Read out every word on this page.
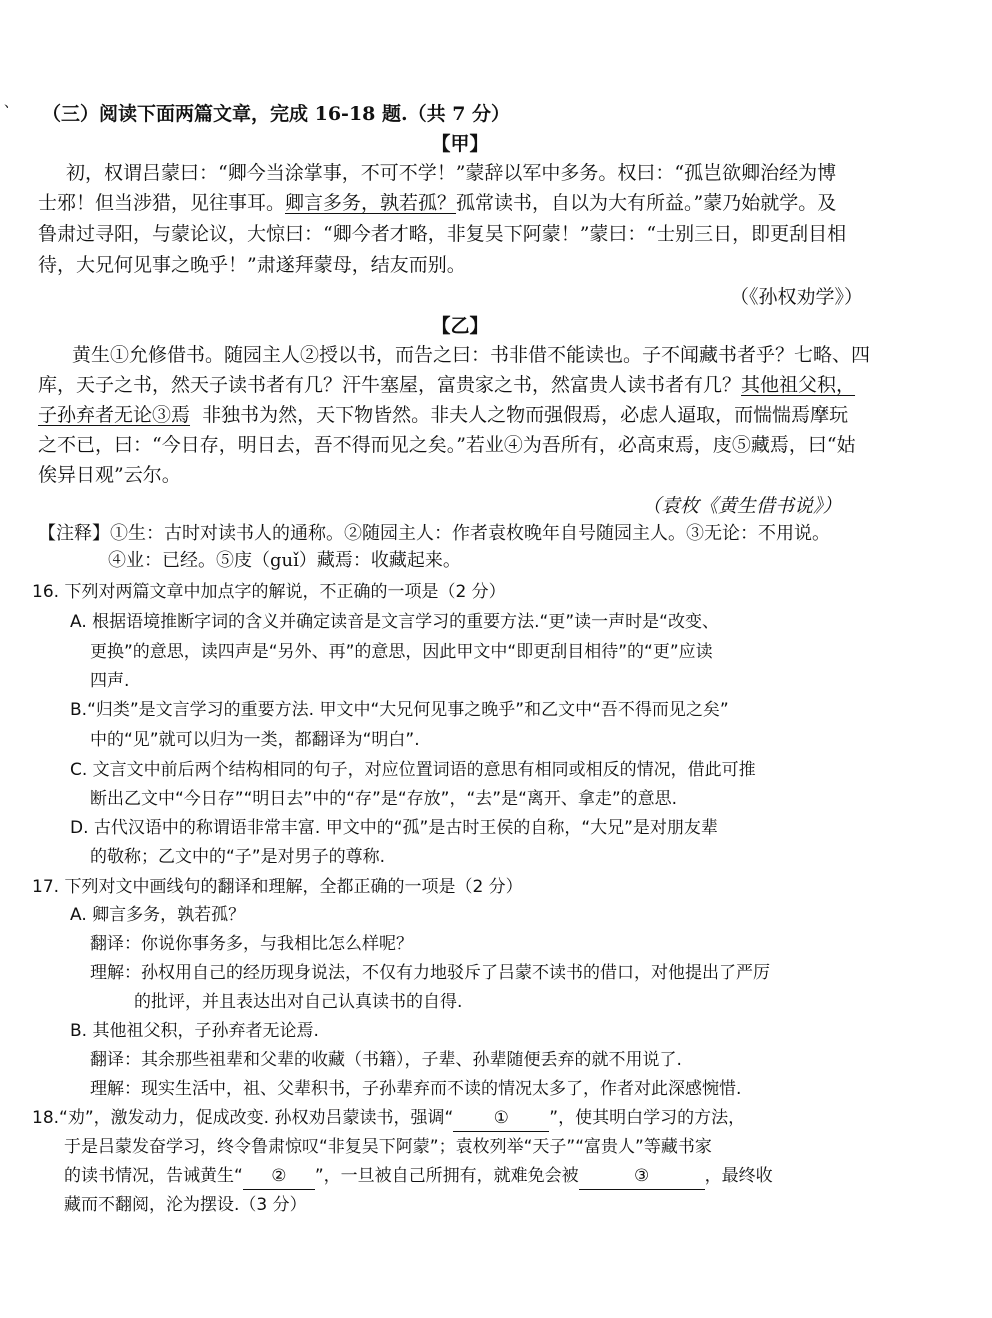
、 （三）阅读下面两篇文章，完成 16-18 题.（共 7 分）
【甲】
初，权谓吕蒙曰：“卿今当涂掌事，不可不学！”蒙辞以军中多务。权曰：“孤岂欲卿治经为博
士邪！但当涉猎，见往事耳。卿言多务，孰若孤？孤常读书，自以为大有所益。”蒙乃始就学。及
鲁肃过寻阳，与蒙论议，大惊曰：“卿今者才略，非复吴下阿蒙！”蒙曰：“士别三日，即更刮目相
待，大兄何见事之晚乎！”肃遂拜蒙母，结友而别。
（《孙权劝学》）
【乙】
黄生①允修借书。随园主人②授以书，而告之曰：书非借不能读也。子不闻藏书者乎？七略、四
库，天子之书，然天子读书者有几？汗牛塞屋，富贵家之书，然富贵人读书者有几？其他祖父积，
子孙弃者无论③焉 非独书为然，天下物皆然。非夫人之物而强假焉，必虑人逼取，而惴惴焉摩玩
之不已，曰：“今日存，明日去，吾不得而见之矣。”若业④为吾所有，必高束焉，庋⑤藏焉，曰“姑
俟异日观”云尔。
（袁枚《黄生借书说》）
【注释】①生：古时对读书人的通称。②随园主人：作者袁枚晚年自号随园主人。③无论：不用说。
④业：已经。⑤庋（guǐ）藏焉：收藏起来。
16. 下列对两篇文章中加点字的解说，不正确的一项是（2 分）
A. 根据语境推断字词的含义并确定读音是文言学习的重要方法.“更”读一声时是“改变、
更换”的意思，读四声是“另外、再”的意思，因此甲文中“即更刮目相待”的“更”应读
四声.
B.“归类”是文言学习的重要方法. 甲文中“大兄何见事之晚乎”和乙文中“吾不得而见之矣”
中的“见”就可以归为一类，都翻译为“明白”.
C. 文言文中前后两个结构相同的句子，对应位置词语的意思有相同或相反的情况，借此可推
断出乙文中“今日存”“明日去”中的“存”是“存放”，“去”是“离开、拿走”的意思.
D. 古代汉语中的称谓语非常丰富. 甲文中的“孤”是古时王侯的自称，“大兄”是对朋友辈
的敬称；乙文中的“子”是对男子的尊称.
17. 下列对文中画线句的翻译和理解，全都正确的一项是（2 分）
A. 卿言多务，孰若孤？
翻译：你说你事务多，与我相比怎么样呢？
理解：孙权用自己的经历现身说法，不仅有力地驳斥了吕蒙不读书的借口，对他提出了严厉
的批评，并且表达出对自己认真读书的自得.
B. 其他祖父积，子孙弃者无论焉.
翻译：其余那些祖辈和父辈的收藏（书籍），子辈、孙辈随便丢弃的就不用说了.
理解：现实生活中，祖、父辈积书，子孙辈弃而不读的情况太多了，作者对此深感惋惜.
18.“劝”，激发动力，促成改变. 孙权劝吕蒙读书，强调“ ① ”，使其明白学习的方法，
于是吕蒙发奋学习，终令鲁肃惊叹“非复吴下阿蒙”；袁枚列举“天子”“富贵人”等藏书家
的读书情况，告诫黄生“ ② ”，一旦被自己所拥有，就难免会被	③	，最终收
藏而不翻阅，沦为摆设.（3 分）
